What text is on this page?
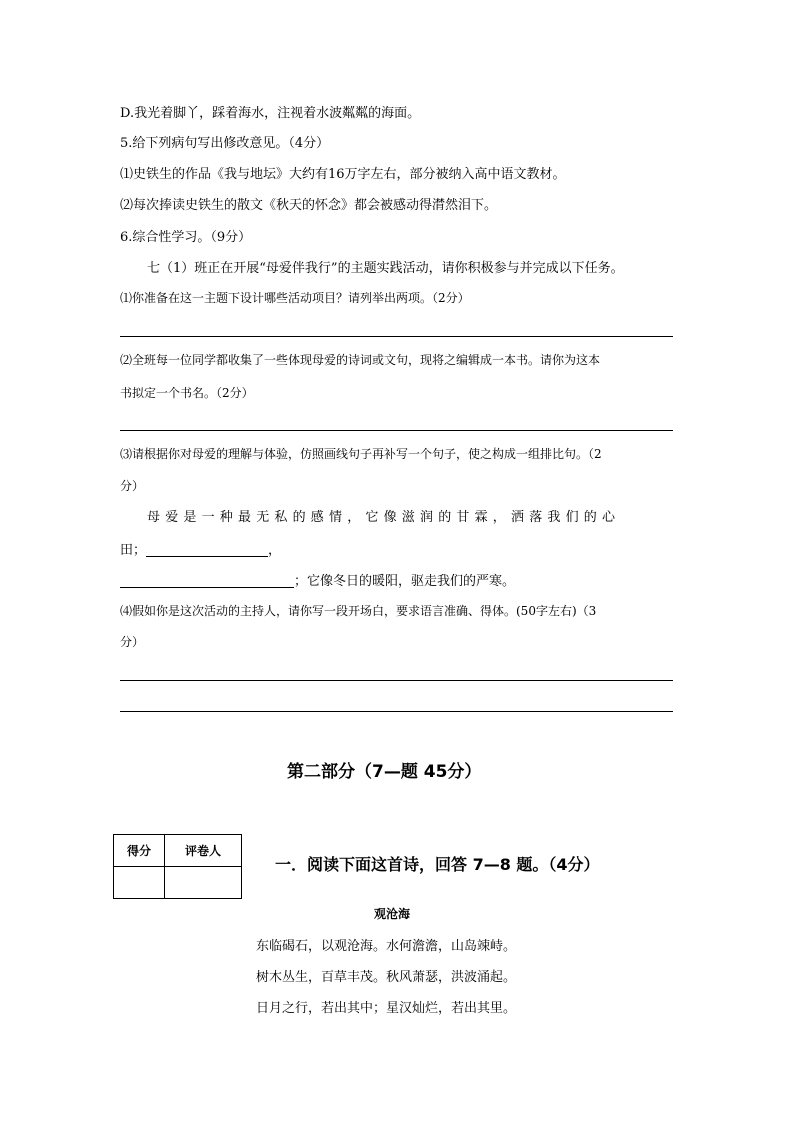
D.我光着脚丫，踩着海水，注视着水波粼粼的海面。
5.给下列病句写出修改意见。（4分）
⑴史铁生的作品《我与地坛》大约有16万字左右，部分被纳入高中语文教材。
⑵每次捧读史铁生的散文《秋天的怀念》都会被感动得潸然泪下。
6.综合性学习。（9分）
七（1）班正在开展“母爱伴我行”的主题实践活动，请你积极参与并完成以下任务。
⑴你准备在这一主题下设计哪些活动项目？请列举出两项。（2分）
⑵全班每一位同学都收集了一些体现母爱的诗词或文句，现将之编辑成一本书。请你为这本
书拟定一个书名。（2分）
⑶请根据你对母爱的理解与体验，仿照画线句子再补写一个句子，使之构成一组排比句。（2
分）
母爱是一种最无私的感情，它像滋润的甘霖，洒落我们的心
田；	，
；它像冬日的暖阳，驱走我们的严寒。
⑷假如你是这次活动的主持人，请你写一段开场白，要求语言准确、得体。(50字左右)（3
分）
第二部分（7—题 45分）
得分	评卷人

一．阅读下面这首诗，回答 7—8 题。（4分）
观沧海
东临碣石，以观沧海。水何澹澹，山岛竦峙。
树木丛生，百草丰茂。秋风萧瑟，洪波涌起。
日月之行，若出其中；星汉灿烂，若出其里。
